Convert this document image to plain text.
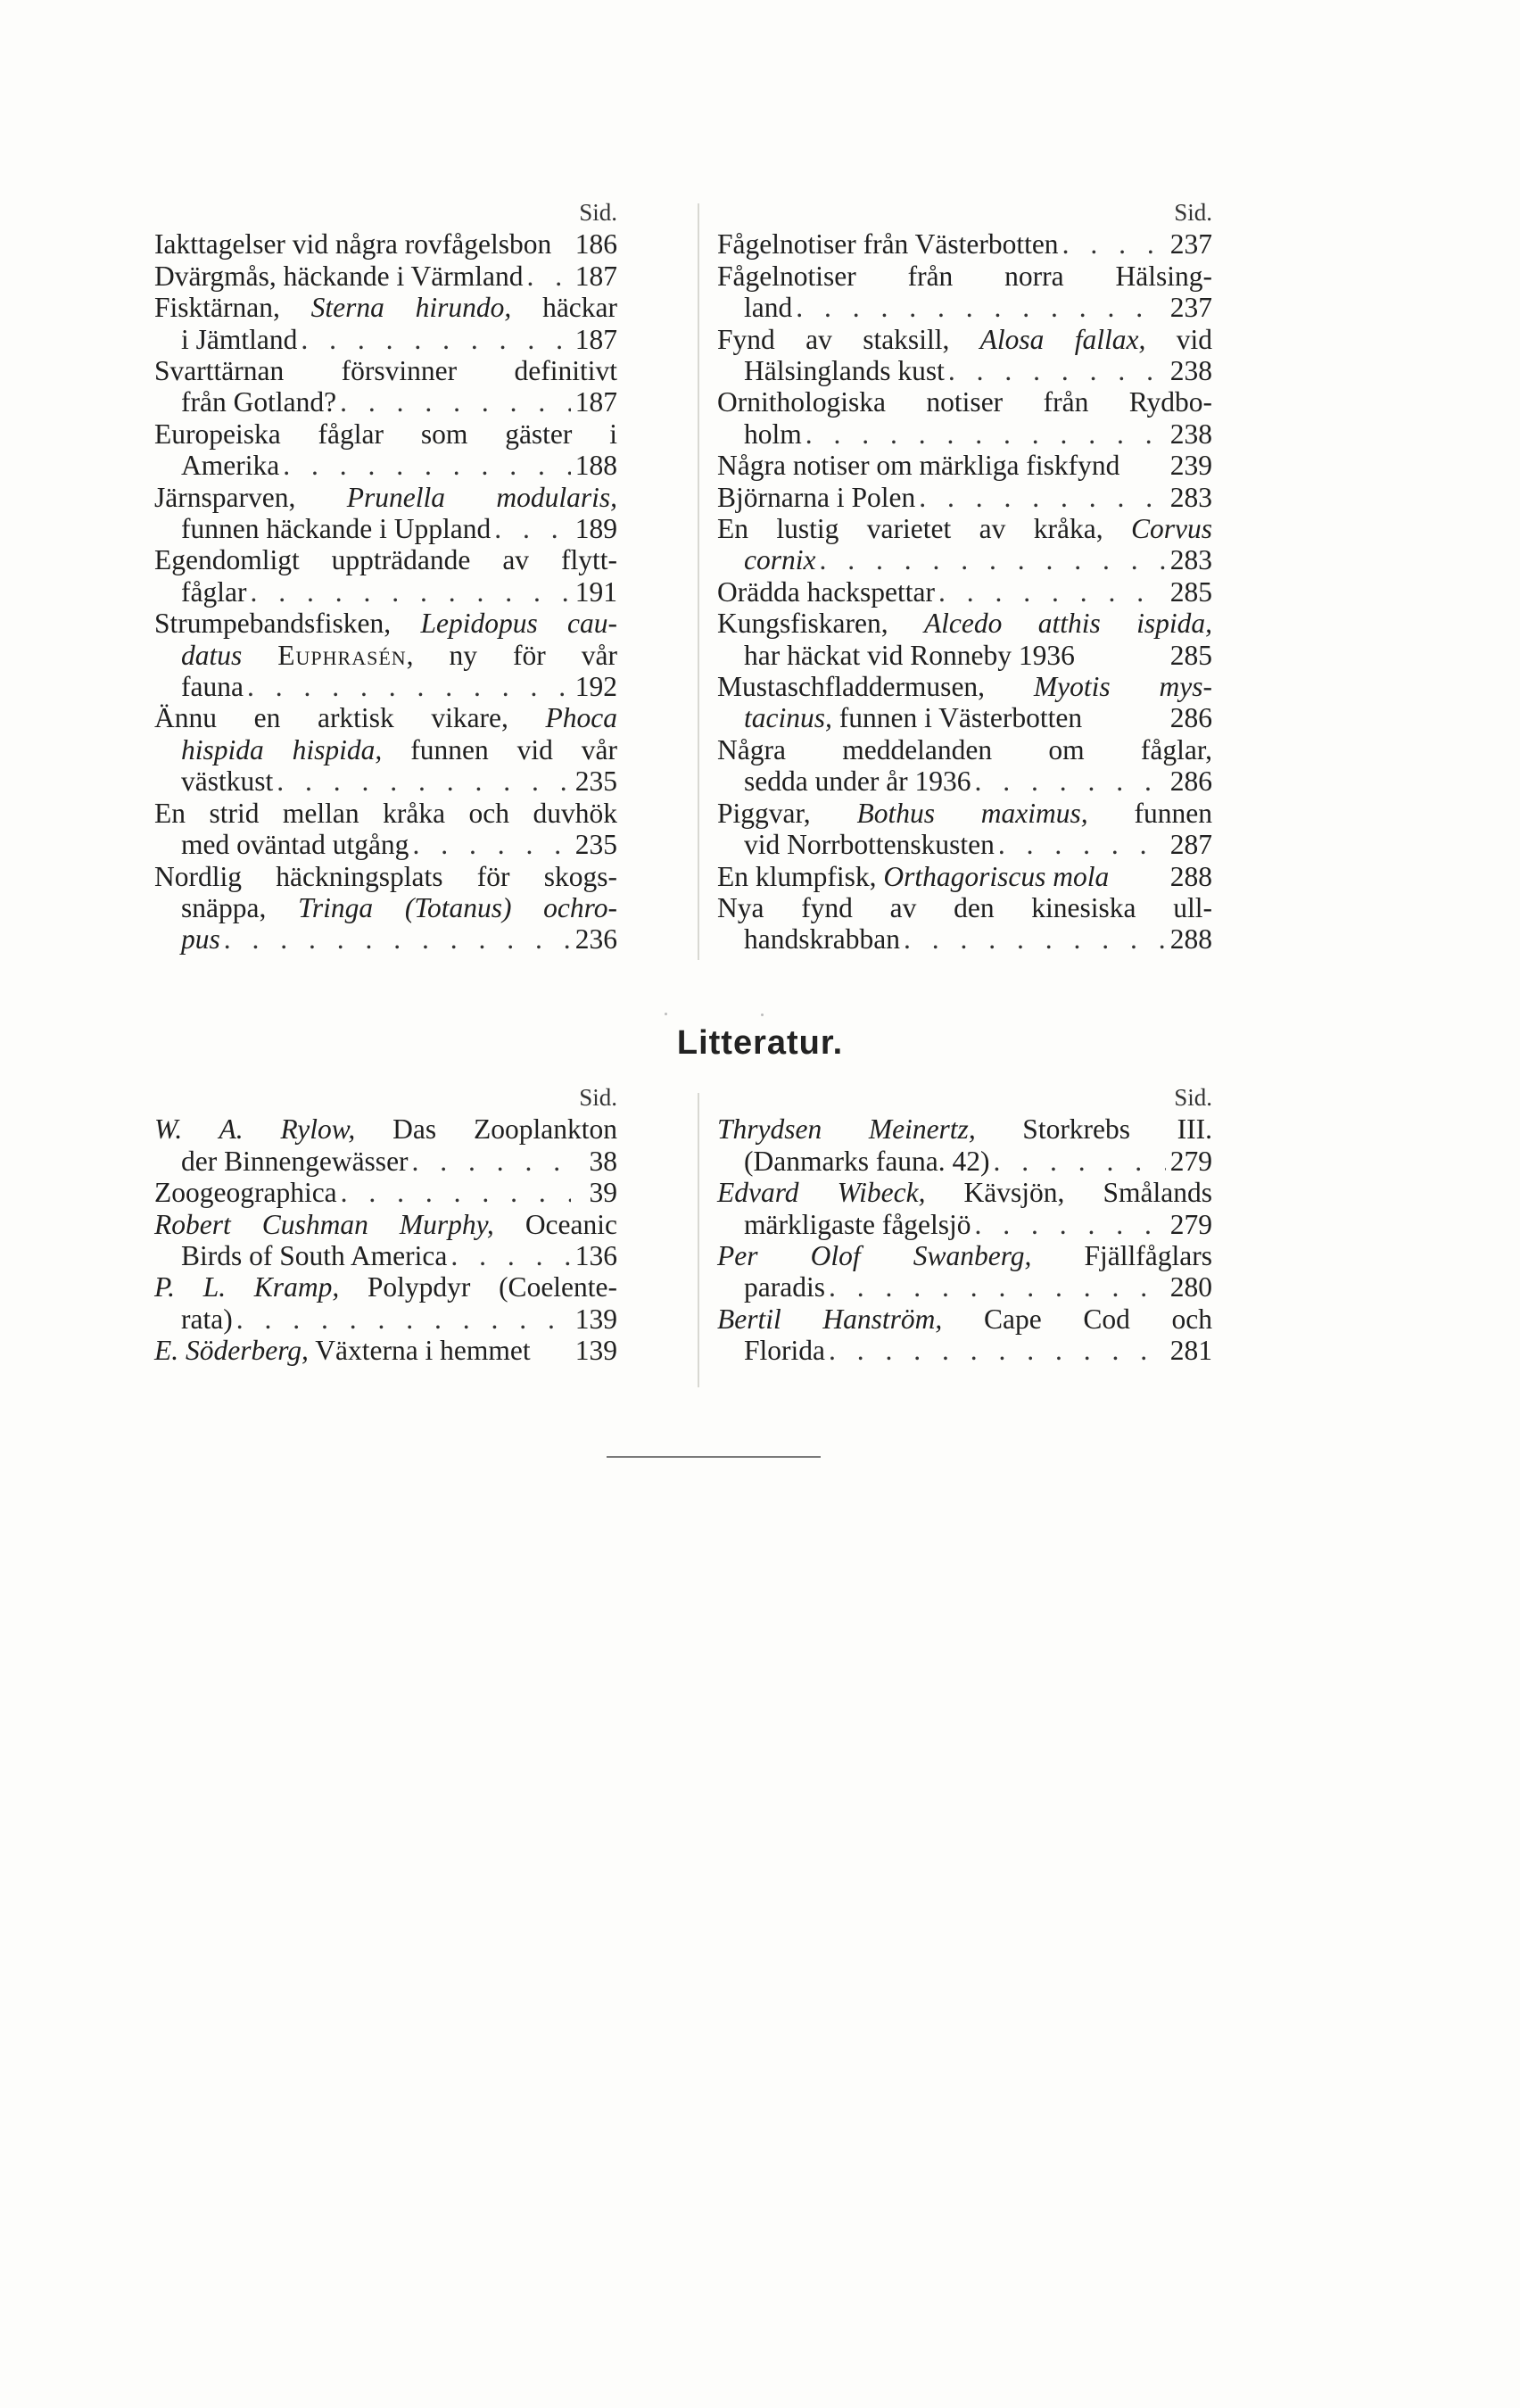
Sid.
Iakttagelser vid några rovfågelsbon 186
Dvärgmås, häckande i Värmland . . . 187
Fisktärnan, Sterna hirundo, häckar
i Jämtland . . .	187
Svarttärnan försvinner definitivt
från Gotland? . . .	187
Europeiska fåglar som gäster i
Amerika . . .	188
Järnsparven, Prunella modularis,
funnen häckande i Uppland . . .	189
Egendomligt uppträdande av flytt-
fåglar . . .	191
Strumpebandsfisken, Lepidopus cau-
datus Euphrasén, ny för vår
fauna . . .	192
Ännu en arktisk vikare, Phoca
hispida hispida, funnen vid vår
västkust . . .	235
En strid mellan kråka och duvhök
med oväntad utgång . . .	235
Nordlig häckningsplats för skogs-
snäppa, Tringa (Totanus) ochro-
pus . . .	236
Sid.
Fågelnotiser från Västerbotten . . .	237
Fågelnotiser från norra Hälsing-
land . . .	237
Fynd av staksill, Alosa fallax, vid
Hälsinglands kust . . .	238
Ornithologiska notiser från Rydbo-
holm . . .	238
Några notiser om märkliga fiskfynd 239
Björnarna i Polen . . .	283
En lustig varietet av kråka, Corvus
cornix . . .	283
Orädda hackspettar . . .	285
Kungsfiskaren, Alcedo atthis ispida,
har häckat vid Ronneby 1936	285
Mustaschfladdermusen, Myotis mys-
tacinus, funnen i Västerbotten	286
Några meddelanden om fåglar,
sedda under år 1936 . . .	286
Piggvar, Bothus maximus, funnen
vid Norrbottenskusten . . .	287
En klumpfisk, Orthagoriscus mola 288
Nya fynd av den kinesiska ull-
handskrabban . . .	288
Litteratur.
Sid.
W. A. Rylow, Das Zooplankton
der Binnengewässer . . .	38
Zoogeographica . . .	39
Robert Cushman Murphy, Oceanic
Birds of South America . . .	136
P. L. Kramp, Polypdyr (Coelente-
rata) . . .	139
E. Söderberg, Växterna i hemmet 139
Sid.
Thrydsen Meinertz, Storkrebs III.
(Danmarks fauna. 42) . . .	279
Edvard Wibeck, Kävsjön, Smålands
märkligaste fågelsjö . . .	279
Per Olof Swanberg, Fjällfåglars
paradis . . .	280
Bertil Hanström, Cape Cod och
Florida . . .	281
